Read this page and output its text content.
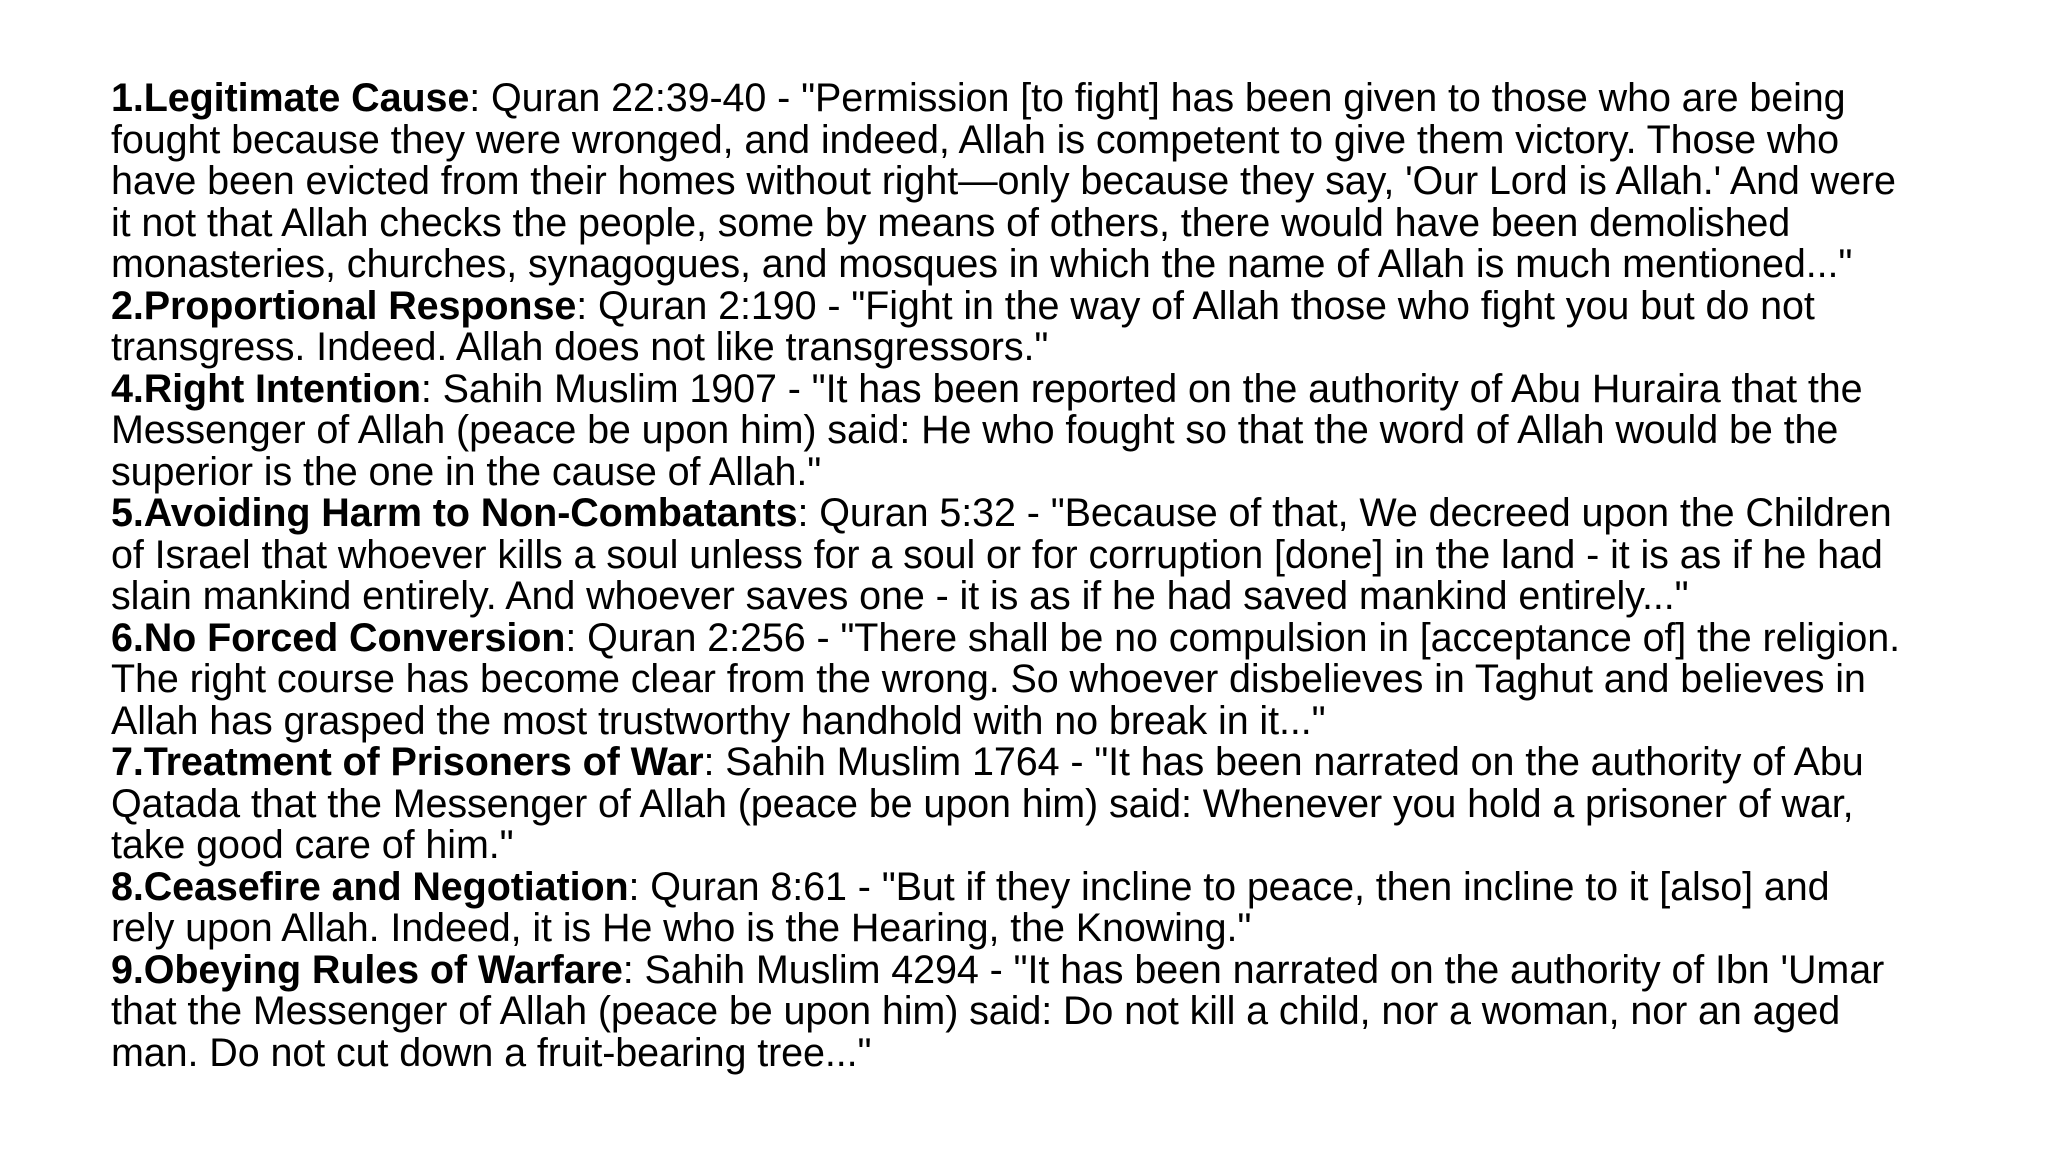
1.Legitimate Cause: Quran 22:39-40 - "Permission [to fight] has been given to those who are being fought because they were wronged, and indeed, Allah is competent to give them victory. Those who have been evicted from their homes without right—only because they say, 'Our Lord is Allah.' And were it not that Allah checks the people, some by means of others, there would have been demolished monasteries, churches, synagogues, and mosques in which the name of Allah is much mentioned..."

2.Proportional Response: Quran 2:190 - "Fight in the way of Allah those who fight you but do not transgress. Indeed. Allah does not like transgressors."

4.Right Intention: Sahih Muslim 1907 - "It has been reported on the authority of Abu Huraira that the Messenger of Allah (peace be upon him) said: He who fought so that the word of Allah would be the superior is the one in the cause of Allah."

5.Avoiding Harm to Non-Combatants: Quran 5:32 - "Because of that, We decreed upon the Children of Israel that whoever kills a soul unless for a soul or for corruption [done] in the land - it is as if he had slain mankind entirely. And whoever saves one - it is as if he had saved mankind entirely..."

6.No Forced Conversion: Quran 2:256 - "There shall be no compulsion in [acceptance of] the religion. The right course has become clear from the wrong. So whoever disbelieves in Taghut and believes in Allah has grasped the most trustworthy handhold with no break in it..."

7.Treatment of Prisoners of War: Sahih Muslim 1764 - "It has been narrated on the authority of Abu Qatada that the Messenger of Allah (peace be upon him) said: Whenever you hold a prisoner of war, take good care of him."

8.Ceasefire and Negotiation: Quran 8:61 - "But if they incline to peace, then incline to it [also] and rely upon Allah. Indeed, it is He who is the Hearing, the Knowing."

9.Obeying Rules of Warfare: Sahih Muslim 4294 - "It has been narrated on the authority of Ibn 'Umar that the Messenger of Allah (peace be upon him) said: Do not kill a child, nor a woman, nor an aged man. Do not cut down a fruit-bearing tree..."
